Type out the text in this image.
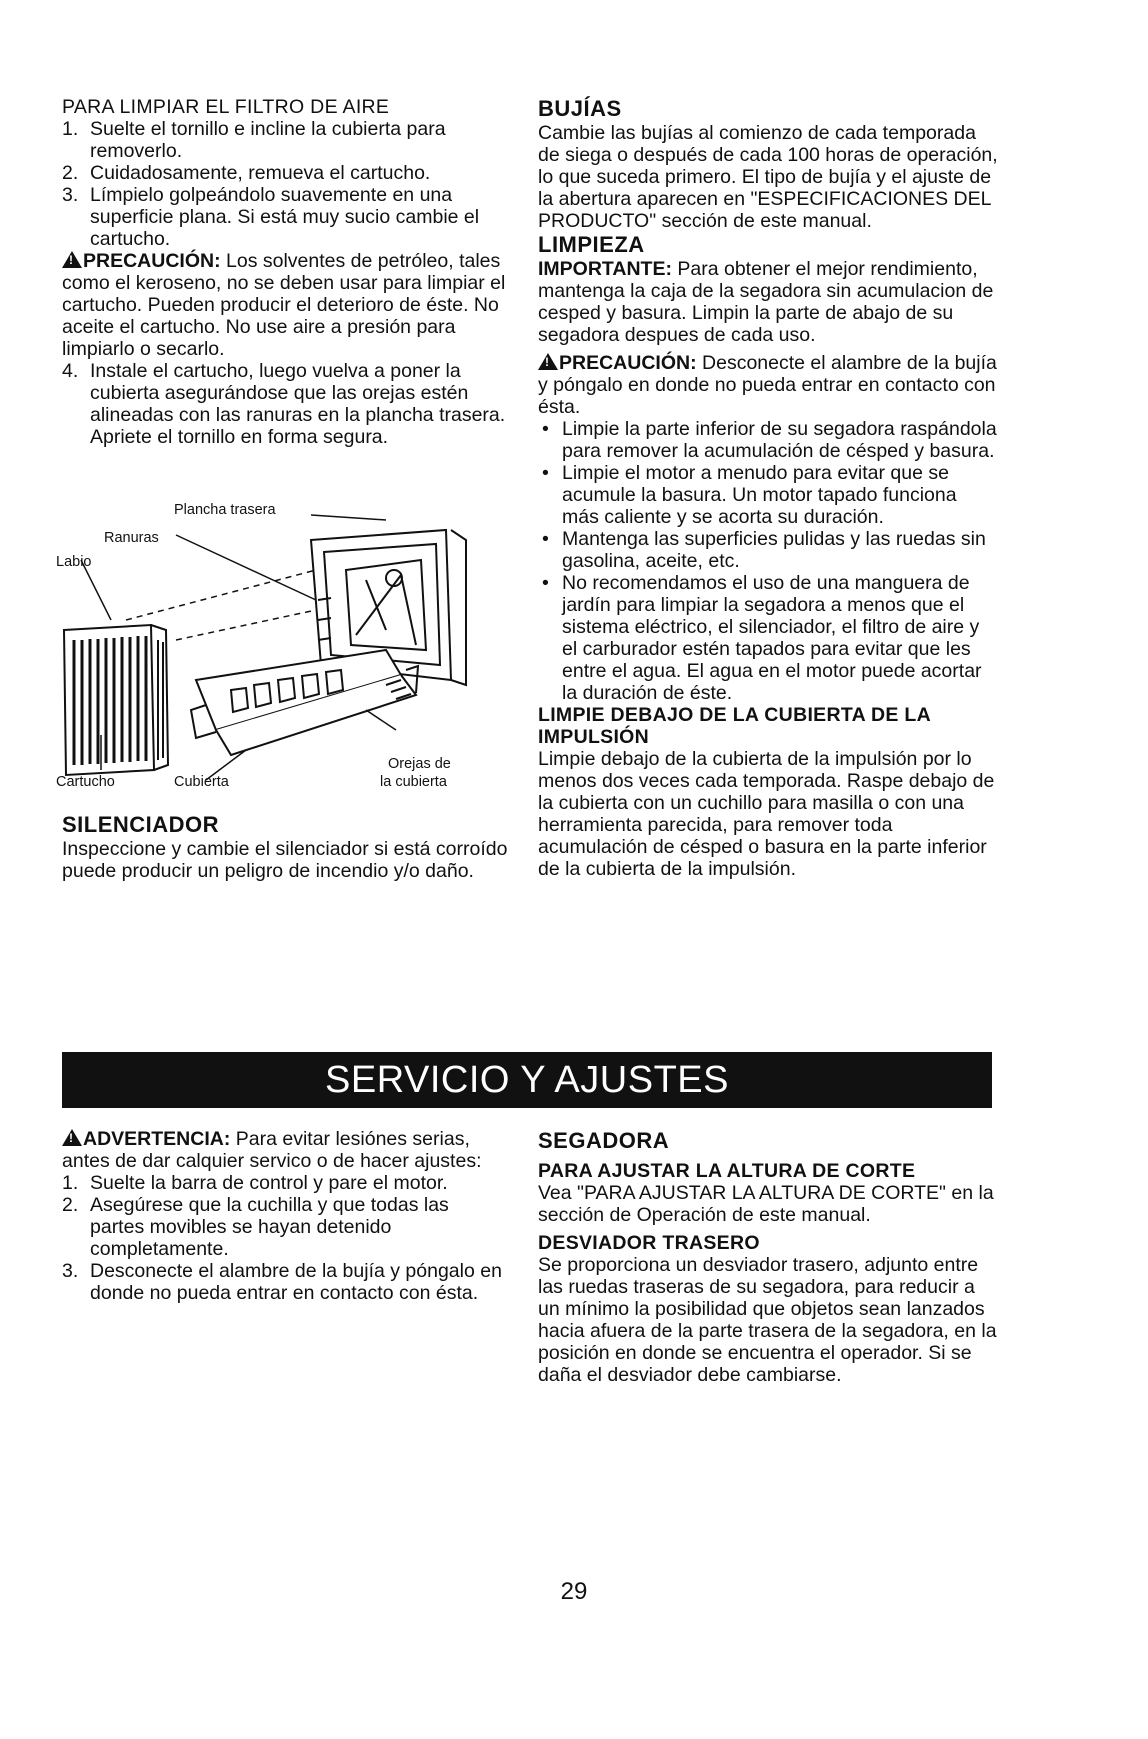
PARA LIMPIAR EL FILTRO DE AIRE
1. Suelte el tornillo e incline la cubierta para removerlo.
2. Cuidadosamente, remueva el cartucho.
3. Límpielo golpeándolo suavemente en una superficie plana. Si está muy sucio cambie el cartucho.

!PRECAUCIÓN: Los solventes de petróleo, tales como el keroseno, no se deben usar para limpiar el cartucho. Pueden producir el deterioro de éste. No aceite el cartucho. No use aire a presión para limpiarlo o secarlo.

4. Instale el cartucho, luego vuelva a poner la cubierta asegurándose que las orejas estén alineadas con las ranuras en la plancha trasera. Apriete el tornillo en forma segura.
Plancha trasera
Ranuras
Labio
Cartucho	Cubierta
Orejas de
la cubierta
SILENCIADOR

Inspeccione y cambie el silenciador si está corroído puede producir un peligro de incendio y/o daño.

BUJÍAS

Cambie las bujías al comienzo de cada temporada de siega o después de cada 100 horas de operación, lo que suceda primero. El tipo de bujía y el ajuste de la abertura aparecen en "ESPECIFICACIONES DEL PRODUCTO" sección de este manual.

LIMPIEZA

IMPORTANTE: Para obtener el mejor rendimiento, mantenga la caja de la segadora sin acumulacion de cesped y basura. Limpin la parte de abajo de su segadora despues de cada uso.

!PRECAUCIÓN: Desconecte el alambre de la bujía y póngalo en donde no pueda entrar en contacto con ésta.

• Limpie la parte inferior de su segadora raspándola para remover la acumulación de césped y basura.
• Limpie el motor a menudo para evitar que se acumule la basura. Un motor tapado funciona más caliente y se acorta su duración.
• Mantenga las superficies pulidas y las ruedas sin gasolina, aceite, etc.
• No recomendamos el uso de una manguera de jardín para limpiar la segadora a menos que el sistema eléctrico, el silenciador, el filtro de aire y el carburador estén tapados para evitar que les entre el agua. El agua en el motor puede acortar la duración de éste.
LIMPIE DEBAJO DE LA CUBIERTA DE LA IMPULSIÓN

Limpie debajo de la cubierta de la impulsión por lo menos dos veces cada temporada. Raspe debajo de la cubierta con un cuchillo para masilla o con una herramienta parecida, para remover toda acumulación de césped o basura en la parte inferior de la cubierta de la impulsión.

SERVICIO Y AJUSTES

!ADVERTENCIA: Para evitar lesiónes serias, antes de dar calquier servico o de hacer ajustes:

1. Suelte la barra de control y pare el motor.
2. Asegúrese que la cuchilla y que todas las partes movibles se hayan detenido completamente.
3. Desconecte el alambre de la bujía y póngalo en donde no pueda entrar en contacto con ésta.
SEGADORA
PARA AJUSTAR LA ALTURA DE CORTE

Vea "PARA AJUSTAR LA ALTURA DE CORTE" en la sección de Operación de este manual.

DESVIADOR TRASERO

Se proporciona un desviador trasero, adjunto entre las ruedas traseras de su segadora, para reducir a un mínimo la posibilidad que objetos sean lanzados hacia afuera de la parte trasera de la segadora, en la posición en donde se encuentra el operador. Si se daña el desviador debe cambiarse.

29
